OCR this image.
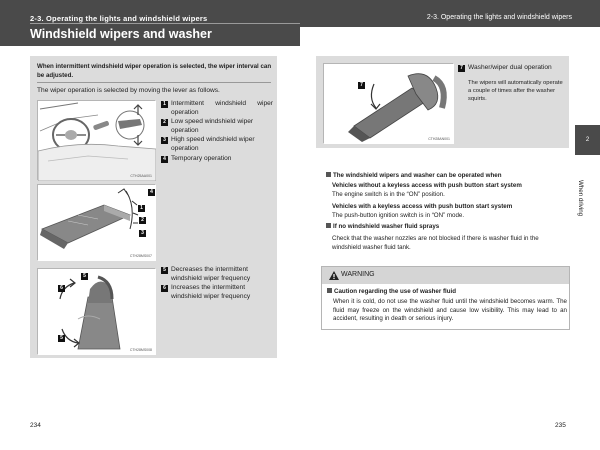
2-3. Operating the lights and windshield wipers
Windshield wipers and washer
2-3. Operating the lights and windshield wipers
When intermittent windshield wiper operation is selected, the wiper interval can be adjusted.
The wiper operation is selected by moving the lever as follows.
CTH25AA001
4
1
2
3
CTH28MS007
1 Intermittent windshield wiper operation
2 Low speed windshield wiper operation
3 High speed windshield wiper operation
4 Temporary operation
5
6
5
CTH28MS008
5 Decreases the intermittent windshield wiper frequency
6 Increases the intermittent windshield wiper frequency
234
7
CTH28AN001
7 Washer/wiper dual operation
The wipers will automatically operate a couple of times after the washer squirts.
2
When driving
The windshield wipers and washer can be operated when
Vehicles without a keyless access with push button start system
The engine switch is in the “ON” position.
Vehicles with a keyless access with push button start system
The push-button ignition switch is in “ON” mode.
If no windshield washer fluid sprays
Check that the washer nozzles are not blocked if there is washer fluid in the windshield washer fluid tank.
WARNING
Caution regarding the use of washer fluid
When it is cold, do not use the washer fluid until the windshield becomes warm. The fluid may freeze on the windshield and cause low visibility. This may lead to an accident, resulting in death or serious injury.
235
